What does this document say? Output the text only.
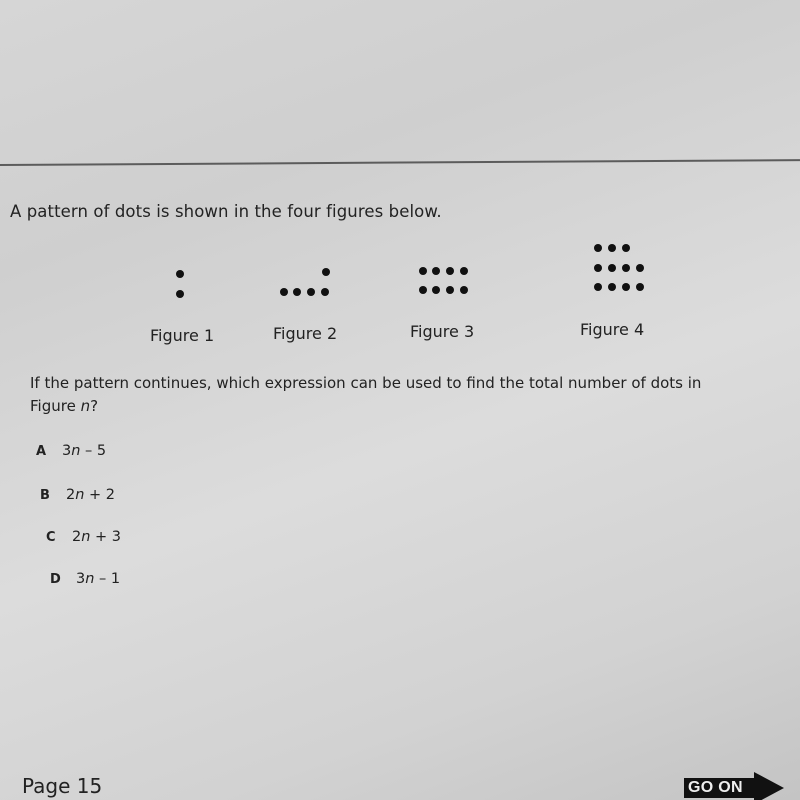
A pattern of dots is shown in the four figures below.
Figure 1	Figure 2	Figure 3	Figure 4
If the pattern continues, which expression can be used to find the total number of dots in
Figure n?
A 3n – 5
B 2n + 2
C 2n + 3
D 3n – 1
Page 15	GO ON
